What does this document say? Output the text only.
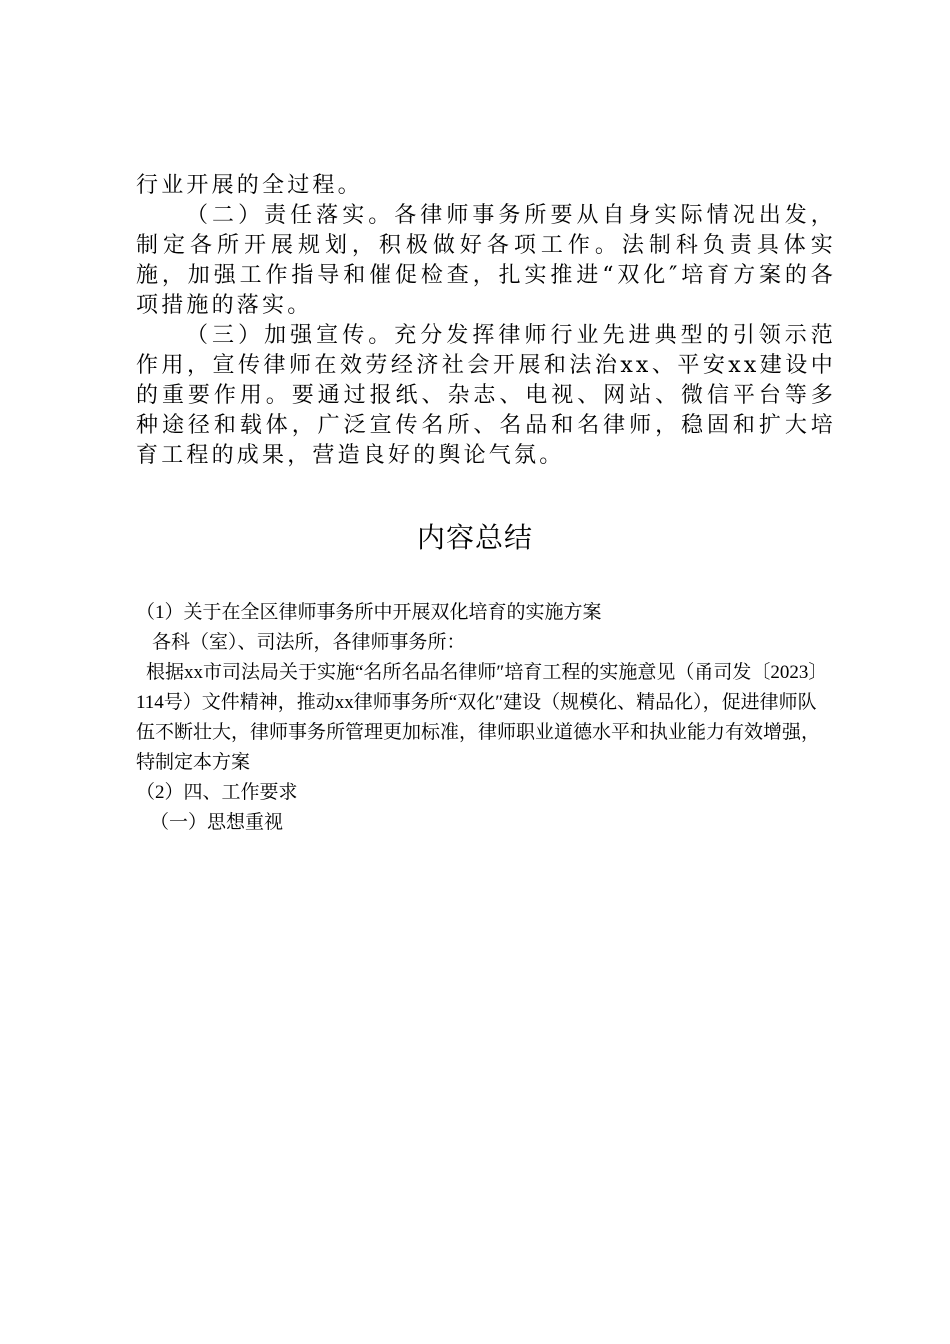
行业开展的全过程。

（二）责任落实。各律师事务所要从自身实际情况出发，制定各所开展规划，积极做好各项工作。法制科负责具体实施，加强工作指导和催促检查，扎实推进“双化″培育方案的各项措施的落实。

（三）加强宣传。充分发挥律师行业先进典型的引领示范作用，宣传律师在效劳经济社会开展和法治xx、平安xx建设中的重要作用。要通过报纸、杂志、电视、网站、微信平台等多种途径和载体，广泛宣传名所、名品和名律师，稳固和扩大培育工程的成果，营造良好的舆论气氛。

内容总结

（1）关于在全区律师事务所中开展双化培育的实施方案

各科（室）、司法所，各律师事务所：

根据xx市司法局关于实施“名所名品名律师″培育工程的实施意见（甬司发〔2023〕114号）文件精神，推动xx律师事务所“双化″建设（规模化、精品化），促进律师队伍不断壮大，律师事务所管理更加标准，律师职业道德水平和执业能力有效增强，特制定本方案

（2）四、工作要求

（一）思想重视
